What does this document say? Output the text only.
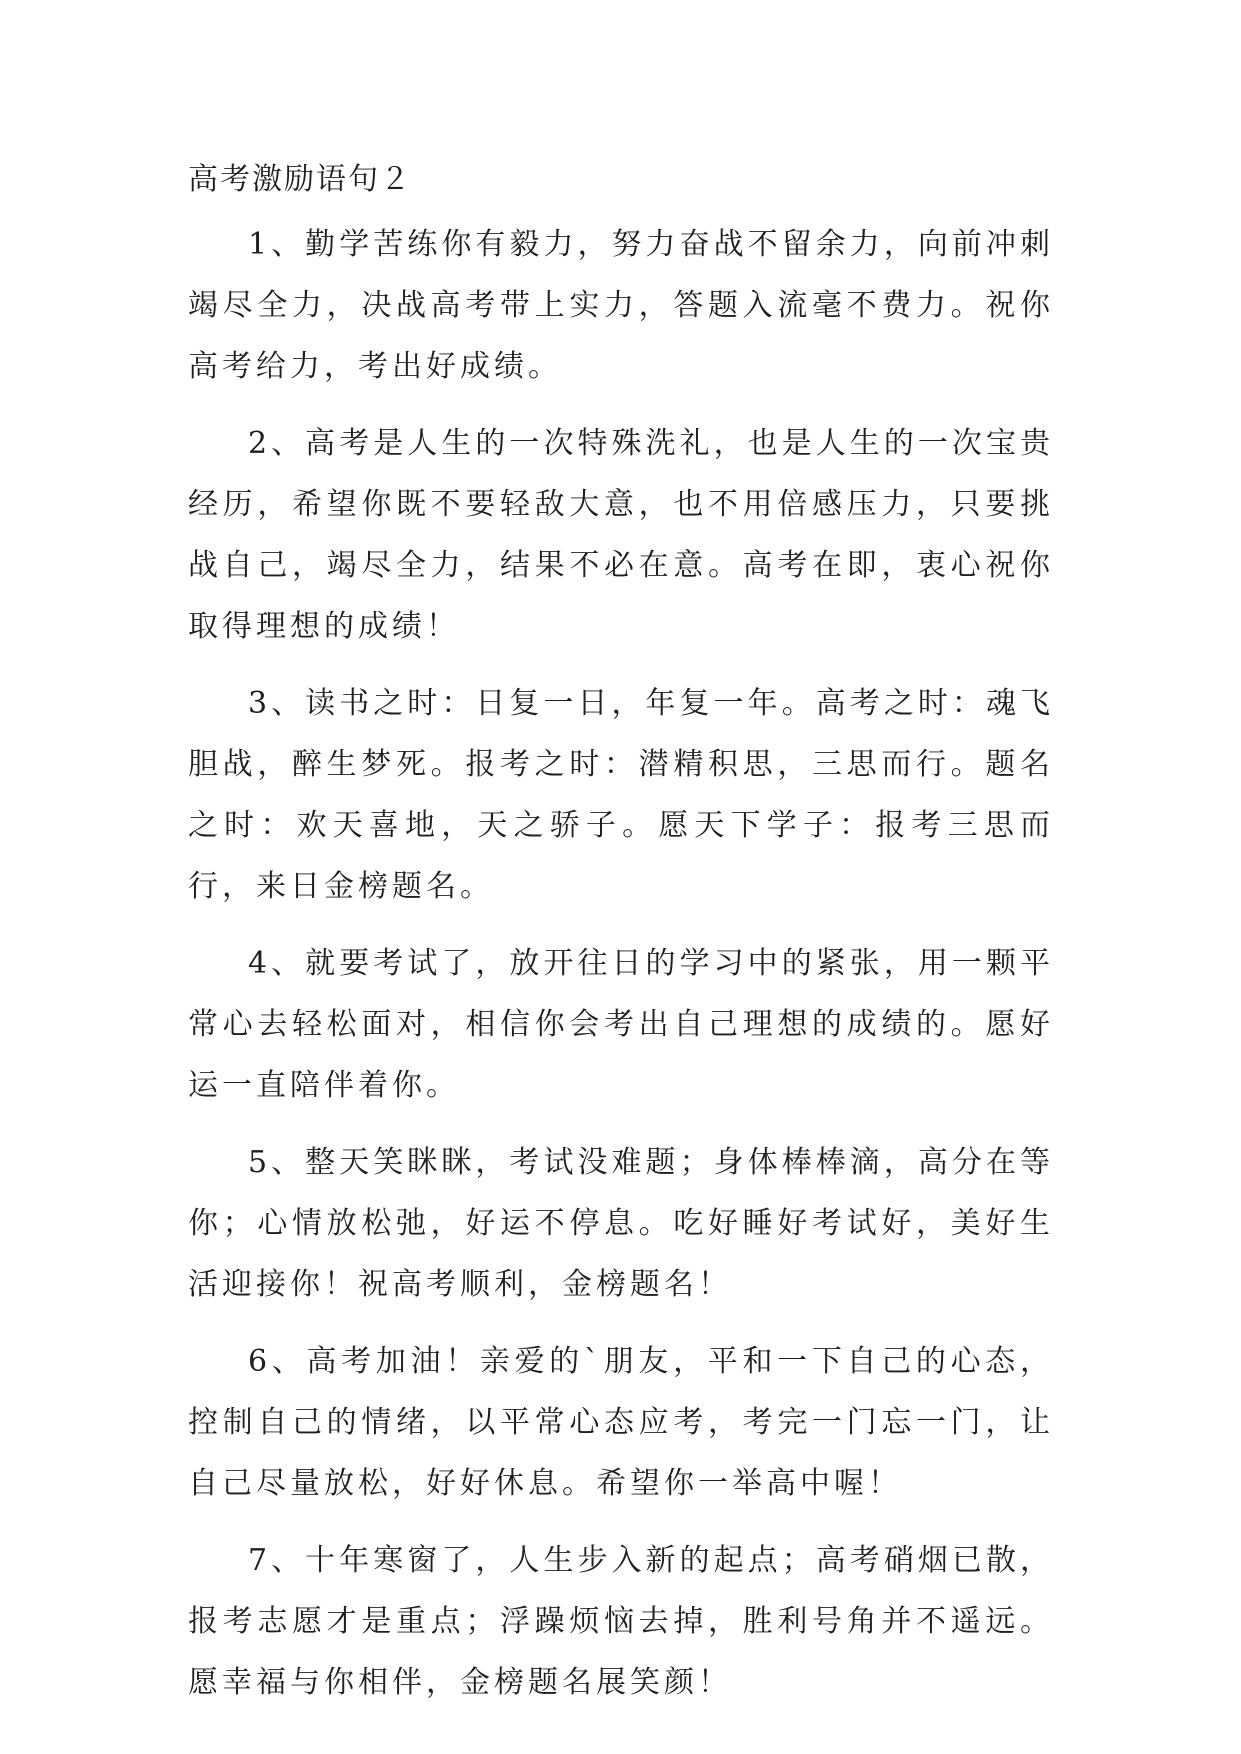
高考激励语句２

1、勤学苦练你有毅力，努力奋战不留余力，向前冲刺竭尽全力，决战高考带上实力，答题入流毫不费力。祝你高考给力，考出好成绩。

2、高考是人生的一次特殊洗礼，也是人生的一次宝贵经历，希望你既不要轻敌大意，也不用倍感压力，只要挑战自己，竭尽全力，结果不必在意。高考在即，衷心祝你取得理想的成绩！

3、读书之时：日复一日，年复一年。高考之时：魂飞胆战，醉生梦死。报考之时：潜精积思，三思而行。题名之时：欢天喜地，天之骄子。愿天下学子：报考三思而行，来日金榜题名。

4、就要考试了，放开往日的学习中的紧张，用一颗平常心去轻松面对，相信你会考出自己理想的成绩的。愿好运一直陪伴着你。

5、整天笑眯眯，考试没难题；身体棒棒滴，高分在等你；心情放松弛，好运不停息。吃好睡好考试好，美好生活迎接你！祝高考顺利，金榜题名！

6、高考加油！亲爱的`朋友，平和一下自己的心态，控制自己的情绪，以平常心态应考，考完一门忘一门，让自己尽量放松，好好休息。希望你一举高中喔！

7、十年寒窗了，人生步入新的起点；高考硝烟已散，报考志愿才是重点；浮躁烦恼去掉，胜利号角并不遥远。愿幸福与你相伴，金榜题名展笑颜！
